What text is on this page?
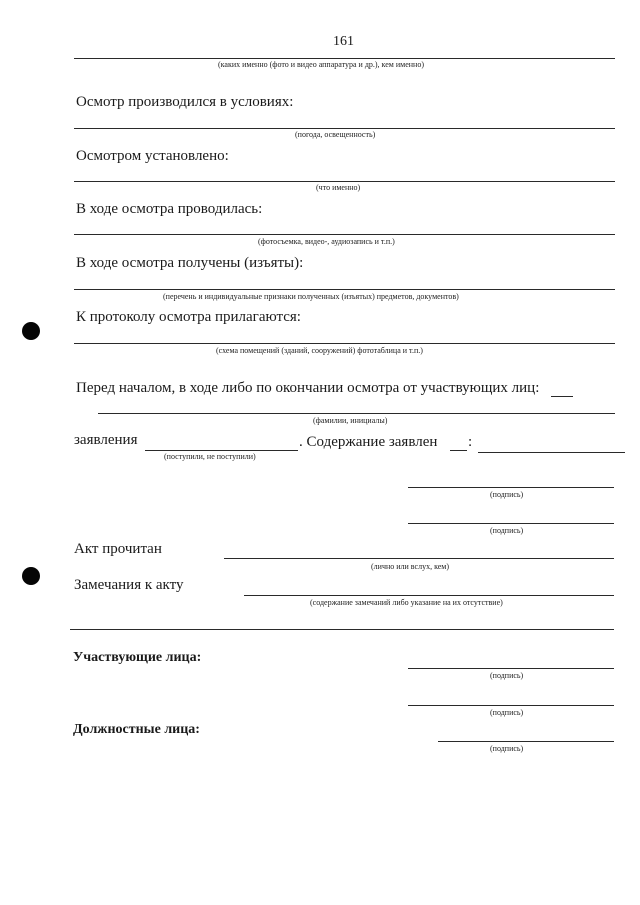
161
(каких именно (фото и видео аппаратура и др.), кем именно)
Осмотр производился в условиях:
(погода, освещенность)
Осмотром установлено:
(что именно)
В ходе осмотра проводилась:
(фотосъемка, видео-, аудиозапись и т.п.)
В ходе осмотра получены (изъяты):
(перечень и индивидуальные признаки полученных (изъятых) предметов, документов)
К протоколу осмотра прилагаются:
(схема помещений (зданий, сооружений) фототаблица и т.п.)
Перед началом, в ходе либо по окончании осмотра от участвующих лиц:
(фамилии, инициалы)
заявления	. Содержание заявлен :
(поступили, не поступили)
(подпись)
(подпись)
Акт прочитан
(лично или вслух, кем)
Замечания к акту
(содержание замечаний либо указание на их отсутствие)
Участвующие лица:
(подпись)
(подпись)
Должностные лица:
(подпись)
